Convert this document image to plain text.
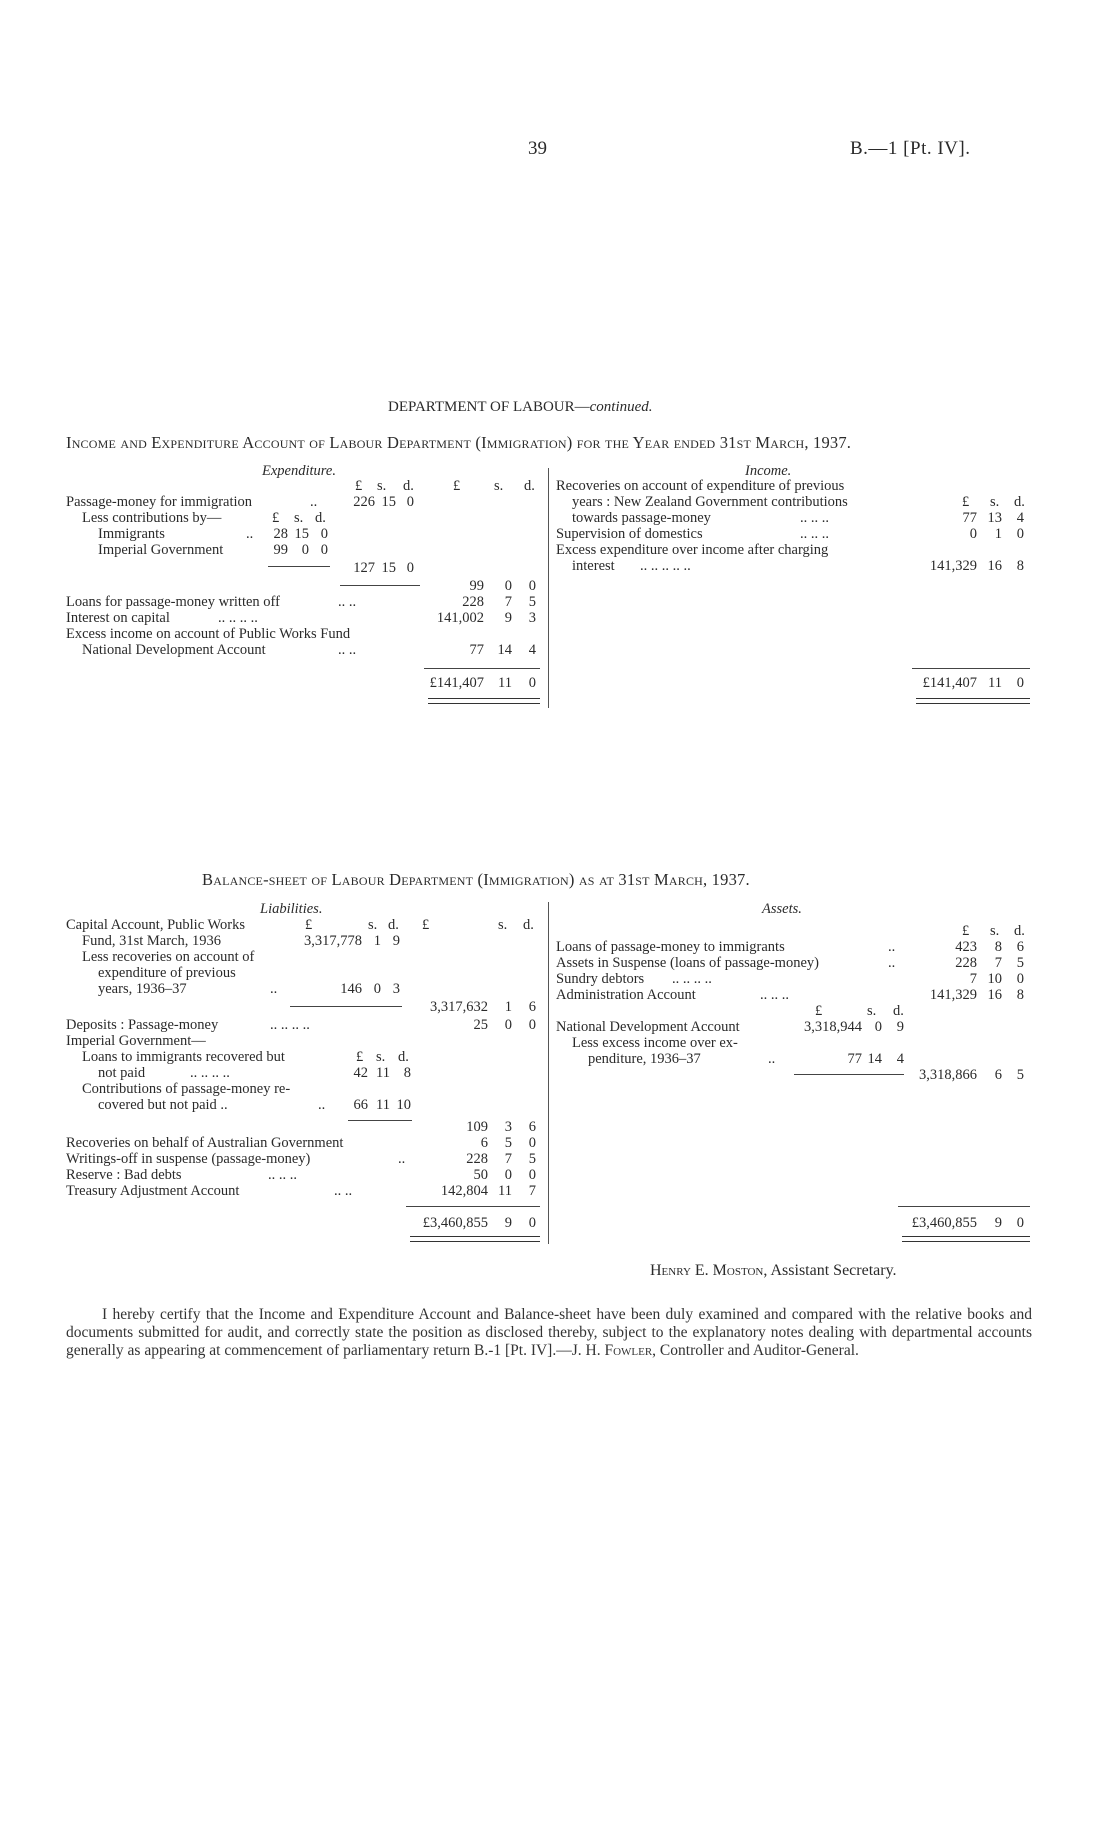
39	B.—1 [Pt. IV].
DEPARTMENT OF LABOUR—continued.
Income and Expenditure Account of Labour Department (Immigration) for the Year ended 31st March, 1937.
Expenditure.
£ s. d.	£ s. d.
Passage-money for immigration	..	226 15 0
Less contributions by—	£ s. d.
Immigrants	..	28 15 0
Imperial Government	99 0 0
127 15 0
99	0	0
Loans for passage-money written off	.. ..	228	7	5
Interest on capital	.. .. .. ..	141,002	9	3
Excess income on account of Public Works Fund
National Development Account	.. ..	77 14	4
£141,407 11	0
Income.
Recoveries on account of expenditure of previous
years : New Zealand Government contributions	£ s. d.
towards passage-money	.. .. ..	77 13	4
Supervision of domestics	.. .. ..	0	1	0
Excess expenditure over income after charging
interest .. .. .. .. ..	141,329 16	8
£141,407 11	0
Balance-sheet of Labour Department (Immigration) as at 31st March, 1937.
Liabilities.
Capital Account, Public Works	£	s. d. £	s. d.
Fund, 31st March, 1936	3,317,778 1 9
Less recoveries on account of
expenditure of previous
years, 1936–37	..	146 0 3
3,317,632	1	6
Deposits : Passage-money	.. .. .. ..	25	0	0
Imperial Government—
Loans to immigrants recovered but	£ s. d.
not paid	.. .. .. ..	42 11 8
Contributions of passage-money re-
covered but not paid ..	..	66 11 10
109	3	6
Recoveries on behalf of Australian Government	6	5	0
Writings-off in suspense (passage-money)	..	228	7	5
Reserve : Bad debts	.. .. ..	50	0	0
Treasury Adjustment Account	.. ..	142,804 11	7
£3,460,855	9	0
Assets.
£ s. d.
Loans of passage-money to immigrants	..	423	8	6
Assets in Suspense (loans of passage-money)	..	228	7	5
Sundry debtors .. .. .. ..	7 10	0
Administration Account	.. .. ..	141,329 16	8
£	s. d.
National Development Account	3,318,944 0	9
Less excess income over ex-
penditure, 1936–37	..	77 14	4
3,318,866	6	5
£3,460,855	9	0
Henry E. Moston, Assistant Secretary.
I hereby certify that the Income and Expenditure Account and Balance-sheet have been duly examined and compared with the relative books and documents submitted for audit, and correctly state the position as disclosed thereby, subject to the explanatory notes dealing with departmental accounts generally as appearing at commencement of parliamentary return B.-1 [Pt. IV].—J. H. Fowler, Controller and Auditor-General.
